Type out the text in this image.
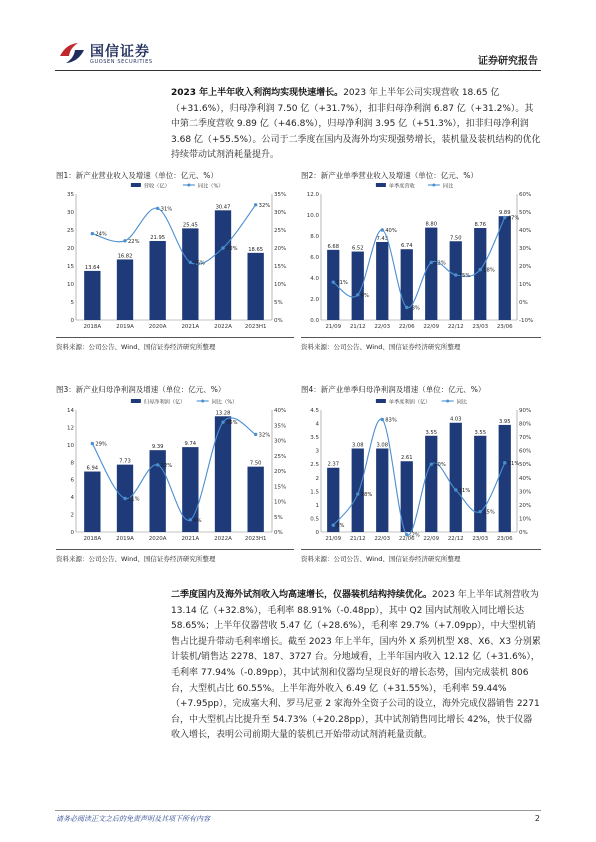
国信证券
GUOSEN SECURITIES	证券研究报告

2023 年上半年收入利润均实现快速增长。2023 年上半年公司实现营收 18.65 亿（+31.6%），归母净利润 7.50 亿（+31.7%），扣非归母净利润 6.87 亿（+31.2%）。其中第二季度营收 9.89 亿（+46.8%），归母净利润 3.95 亿（+51.3%），扣非归母净利润 3.68 亿（+55.5%）。公司于二季度在国内及海外均实现强势增长，装机量及装机结构的优化持续带动试剂消耗量提升。

图1：新产业营业收入及增速（单位：亿元、%）	图2：新产业单季营业收入及增速（单位：亿元、%）
0
5
10
15
20
25
30
35
0%
5%
10%
15%
20%
25%
30%
35%
13.64
2018A
16.82
2019A
21.95
2020A
25.45
2021A
30.47
2022A
18.65
2023H1
24%
22%
31%
16%
20%
32%
营收（亿）	同比（%）
0.0
2.0
4.0
6.0
8.0
10.0
12.0
-10%
0%
10%
20%
30%
40%
50%
60%
6.68
21/09
6.52
21/12
7.43
22/03
6.74
22/06
8.80
22/09
7.50
22/12
8.76
23/03
9.89
23/06
11%
4%
40%
-3%
22%
15%
18%
47%
单季度营收	同比
资料来源：公司公告、Wind、国信证券经济研究所整理	资料来源：公司公告、Wind、国信证券经济研究所整理
图3：新产业归母净利润及增速（单位：亿元、%）	图4：新产业单季归母净利润及增速（单位：亿元、%）
0
2
4
6
8
10
12
14
0%
5%
10%
15%
20%
25%
30%
35%
40%
6.94
2018A
7.73
2019A
9.39
2020A
9.74
2021A
13.28
2022A
7.50
2023H1
29%
11%
22%
4%
36%
32%
归母净利润（亿）	同比（%）
0
0.5
1
1.5
2
2.5
3
3.5
4
4.5
0%
10%
20%
30%
40%
50%
60%
70%
80%
90%
2.37
21/09
3.08
21/12
3.08
22/03
2.61
22/06
3.55
22/09
4.03
22/12
3.55
23/03
3.95
23/06
5%
28%
83%
-2%
50%
31%
15%
51%
单季度利润（亿）	同比
资料来源：公司公告、Wind、国信证券经济研究所整理	资料来源：公司公告、Wind、国信证券经济研究所整理

二季度国内及海外试剂收入均高速增长，仪器装机结构持续优化。2023 年上半年试剂营收为 13.14 亿（+32.8%），毛利率 88.91%（-0.48pp），其中 Q2 国内试剂收入同比增长达 58.65%；上半年仪器营收 5.47 亿（+28.6%），毛利率 29.7%（+7.09pp），中大型机销售占比提升带动毛利率增长。截至 2023 年上半年，国内外 X 系列机型 X8、X6、X3 分别累计装机/销售达 2278、187、3727 台。分地域看，上半年国内收入 12.12 亿（+31.6%），毛利率 77.94%（-0.89pp），其中试剂和仪器均呈现良好的增长态势，国内完成装机 806 台，大型机占比 60.55%。上半年海外收入 6.49 亿（+31.55%），毛利率 59.44%（+7.95pp），完成塞大利、罗马尼亚 2 家海外全资子公司的设立，海外完成仪器销售 2271 台，中大型机占比提升至 54.73%（+20.28pp），其中试剂销售同比增长 42%，快于仪器收入增长，表明公司前期大量的装机已开始带动试剂消耗量贡献。

请务必阅读正文之后的免责声明及其项下所有内容	2
